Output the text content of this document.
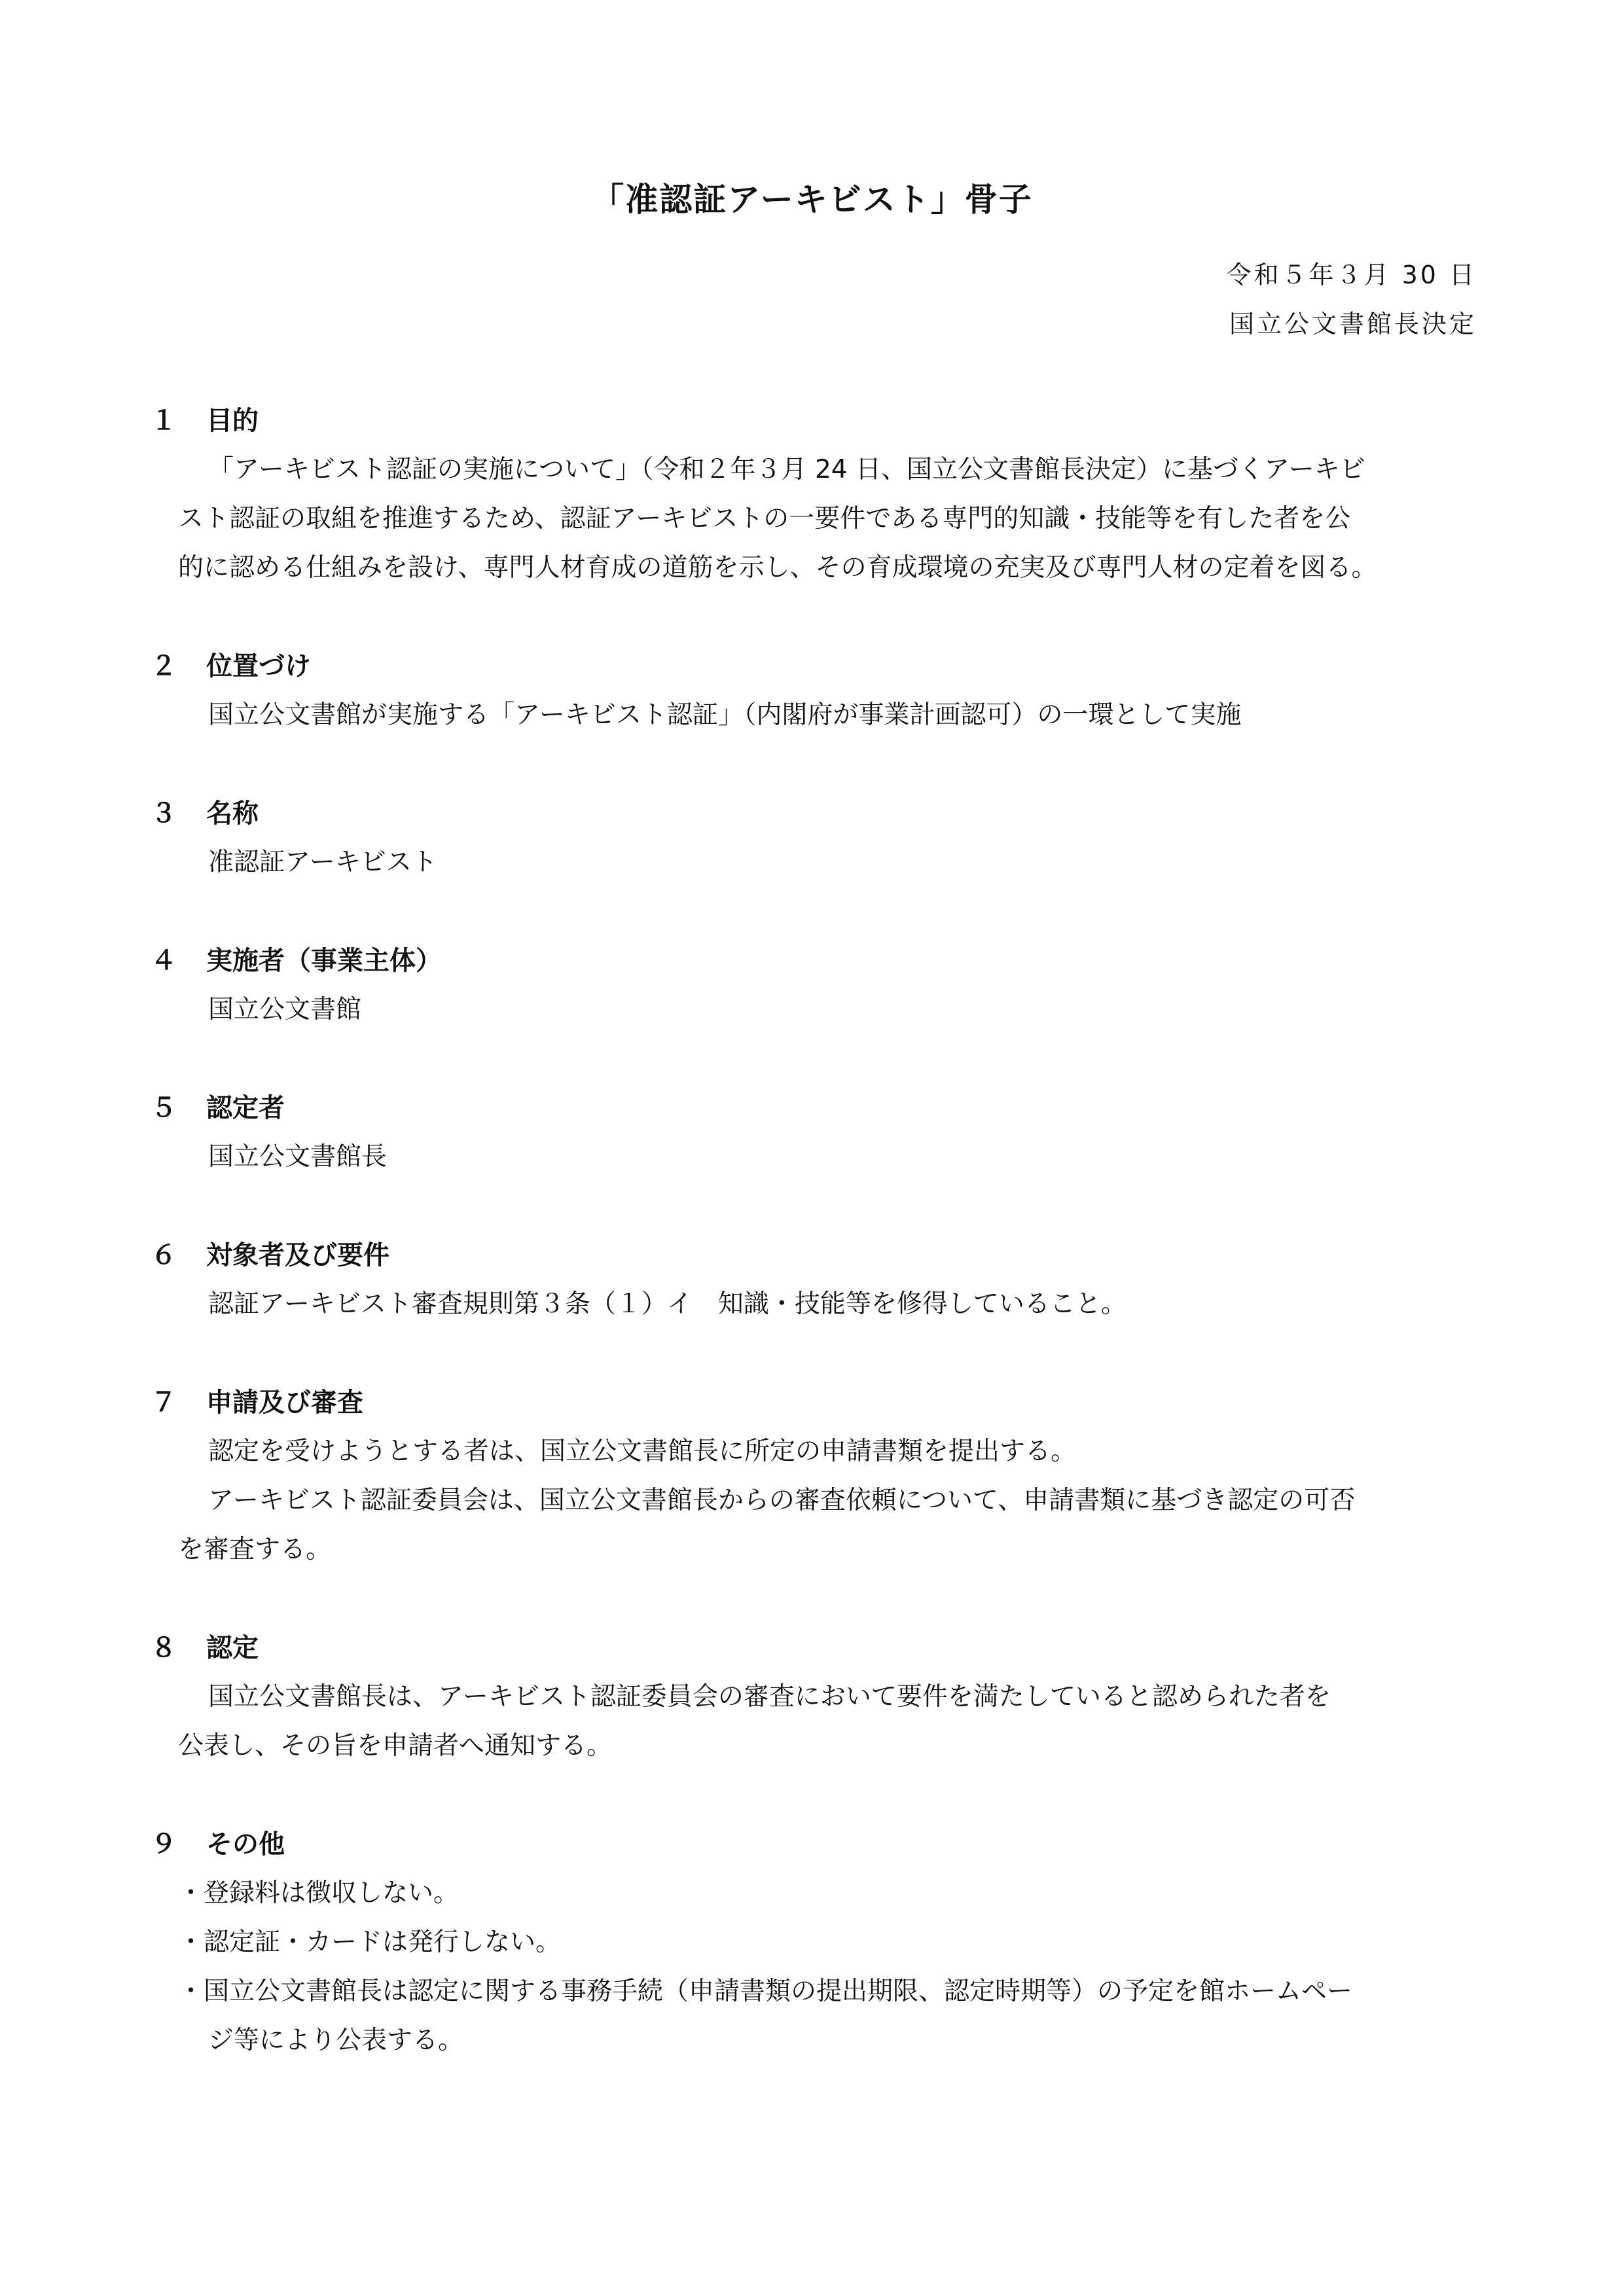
「准認証アーキビスト」骨子
令和５年３月 30 日
国立公文書館長決定
１ 目的
「アーキビスト認証の実施について」（令和２年３月 24 日、国立公文書館長決定）に基づくアーキビ
スト認証の取組を推進するため、認証アーキビストの一要件である専門的知識・技能等を有した者を公
的に認める仕組みを設け、専門人材育成の道筋を示し、その育成環境の充実及び専門人材の定着を図る。
２ 位置づけ
国立公文書館が実施する「アーキビスト認証」（内閣府が事業計画認可）の一環として実施
３ 名称
准認証アーキビスト
４ 実施者（事業主体）
国立公文書館
５ 認定者
国立公文書館長
６ 対象者及び要件
認証アーキビスト審査規則第３条（１）イ　知識・技能等を修得していること。
７ 申請及び審査
認定を受けようとする者は、国立公文書館長に所定の申請書類を提出する。
アーキビスト認証委員会は、国立公文書館長からの審査依頼について、申請書類に基づき認定の可否
を審査する。
８ 認定
国立公文書館長は、アーキビスト認証委員会の審査において要件を満たしていると認められた者を
公表し、その旨を申請者へ通知する。
９ その他
・登録料は徴収しない。
・認定証・カードは発行しない。
・国立公文書館長は認定に関する事務手続（申請書類の提出期限、認定時期等）の予定を館ホームペー
ジ等により公表する。
